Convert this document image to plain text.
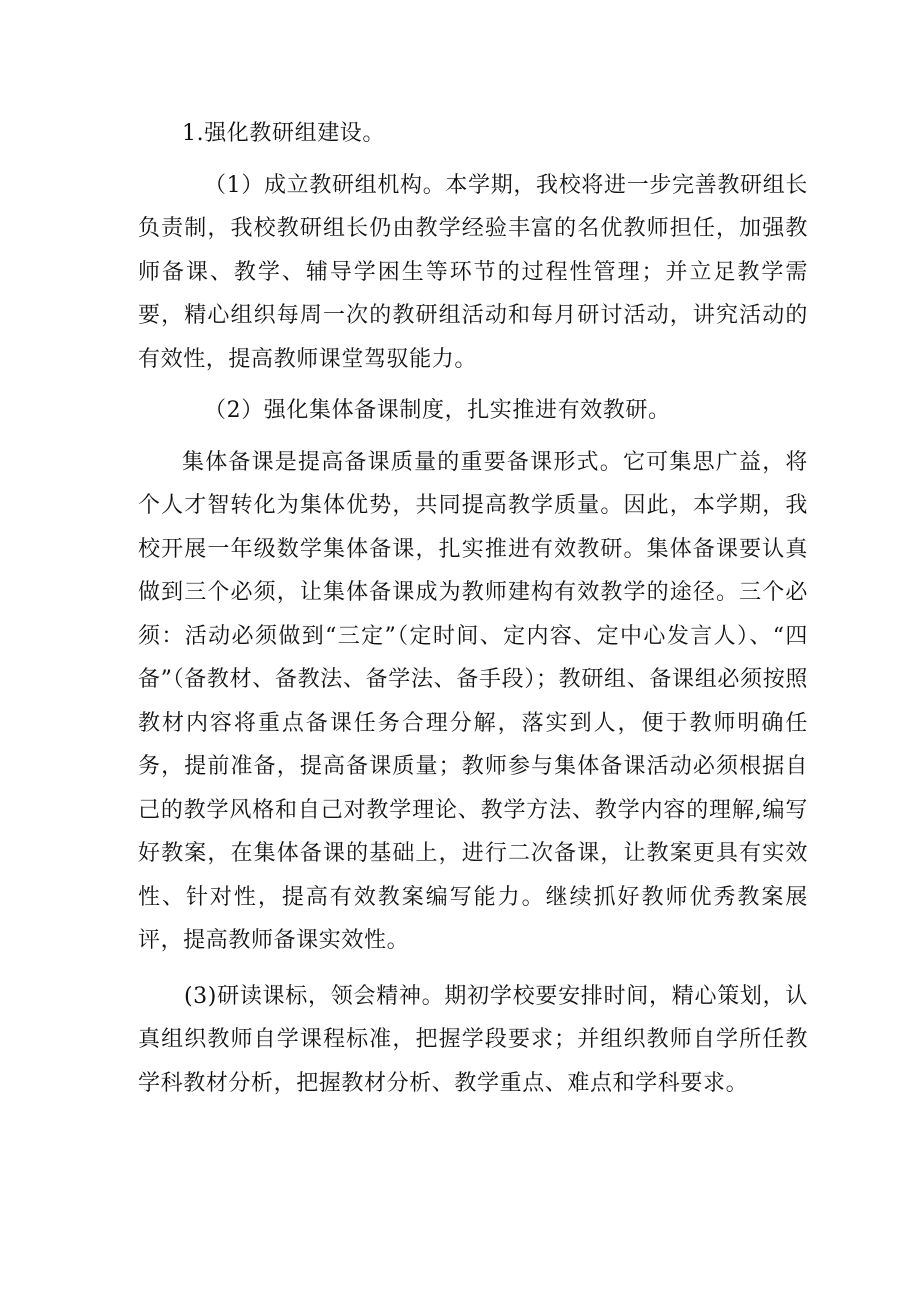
1.强化教研组建设。

（1）成立教研组机构。本学期，我校将进一步完善教研组长负责制，我校教研组长仍由教学经验丰富的名优教师担任，加强教师备课、教学、辅导学困生等环节的过程性管理；并立足教学需要，精心组织每周一次的教研组活动和每月研讨活动，讲究活动的有效性，提高教师课堂驾驭能力。

（2）强化集体备课制度，扎实推进有效教研。

集体备课是提高备课质量的重要备课形式。它可集思广益，将个人才智转化为集体优势，共同提高教学质量。因此，本学期，我校开展一年级数学集体备课，扎实推进有效教研。集体备课要认真做到三个必须，让集体备课成为教师建构有效教学的途径。三个必须：活动必须做到“三定”（定时间、定内容、定中心发言人）、“四备”（备教材、备教法、备学法、备手段）；教研组、备课组必须按照教材内容将重点备课任务合理分解，落实到人，便于教师明确任务，提前准备，提高备课质量；教师参与集体备课活动必须根据自己的教学风格和自己对教学理论、教学方法、教学内容的理解,编写好教案，在集体备课的基础上，进行二次备课，让教案更具有实效性、针对性，提高有效教案编写能力。继续抓好教师优秀教案展评，提高教师备课实效性。

(3)研读课标，领会精神。期初学校要安排时间，精心策划，认真组织教师自学课程标准，把握学段要求；并组织教师自学所任教学科教材分析，把握教材分析、教学重点、难点和学科要求。
